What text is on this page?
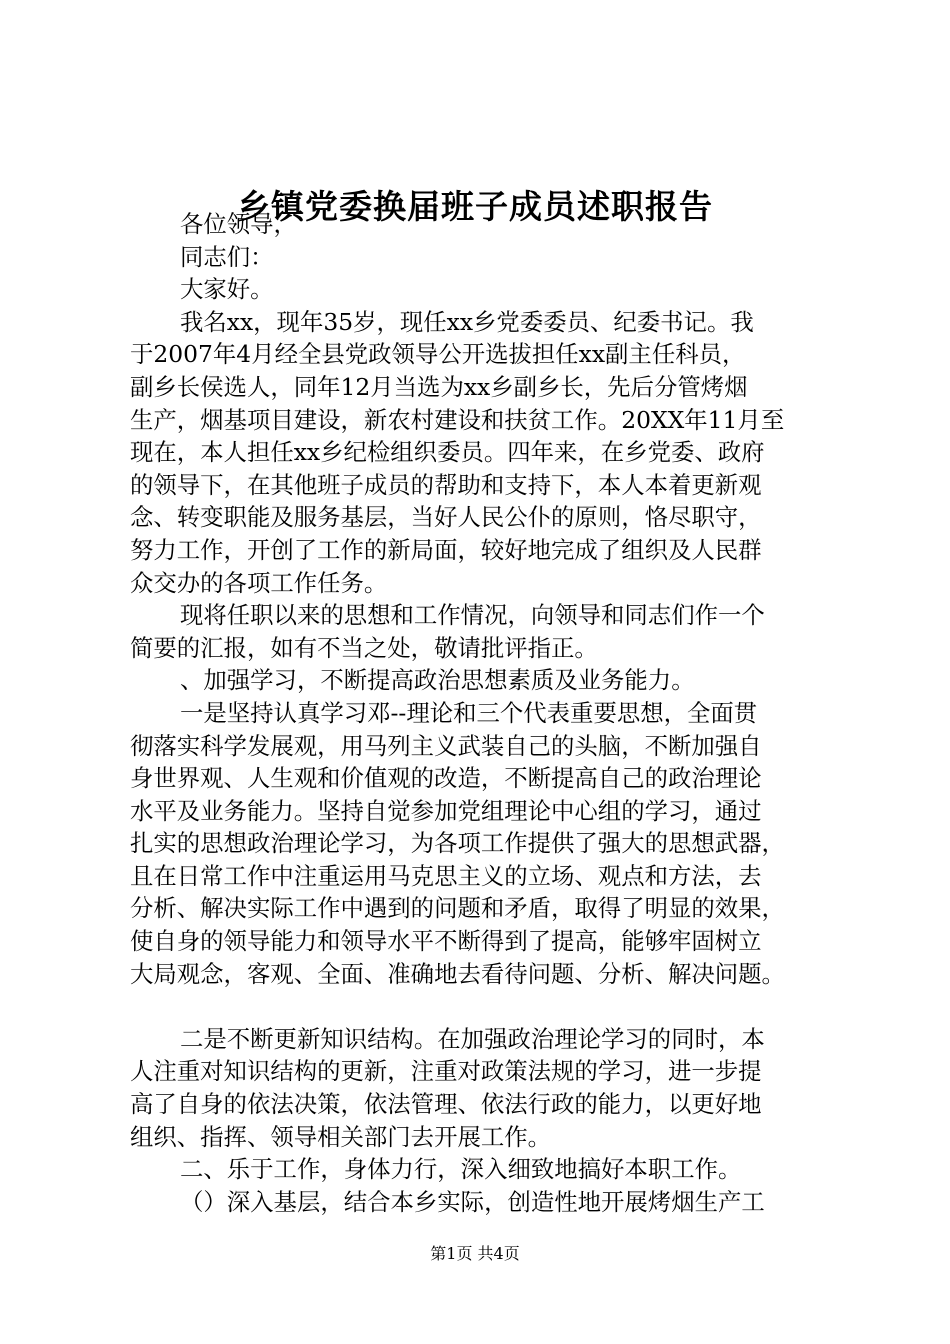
乡镇党委换届班子成员述职报告
各位领导，
同志们：
大家好。
我名xx，现年35岁，现任xx乡党委委员、纪委书记。我
于2007年4月经全县党政领导公开选拔担任xx副主任科员，
副乡长侯选人，同年12月当选为xx乡副乡长，先后分管烤烟
生产，烟基项目建设，新农村建设和扶贫工作。20XX年11月至
现在，本人担任xx乡纪检组织委员。四年来，在乡党委、政府
的领导下，在其他班子成员的帮助和支持下，本人本着更新观
念、转变职能及服务基层，当好人民公仆的原则，恪尽职守，
努力工作，开创了工作的新局面，较好地完成了组织及人民群
众交办的各项工作任务。
现将任职以来的思想和工作情况，向领导和同志们作一个
简要的汇报，如有不当之处，敬请批评指正。
、加强学习，不断提高政治思想素质及业务能力。
一是坚持认真学习邓--理论和三个代表重要思想，全面贯
彻落实科学发展观，用马列主义武装自己的头脑，不断加强自
身世界观、人生观和价值观的改造，不断提高自己的政治理论
水平及业务能力。坚持自觉参加党组理论中心组的学习，通过
扎实的思想政治理论学习，为各项工作提供了强大的思想武器，
且在日常工作中注重运用马克思主义的立场、观点和方法，去
分析、解决实际工作中遇到的问题和矛盾，取得了明显的效果，
使自身的领导能力和领导水平不断得到了提高，能够牢固树立
大局观念，客观、全面、准确地去看待问题、分析、解决问题。
二是不断更新知识结构。在加强政治理论学习的同时，本
人注重对知识结构的更新，注重对政策法规的学习，进一步提
高了自身的依法决策，依法管理、依法行政的能力，以更好地
组织、指挥、领导相关部门去开展工作。
二、乐于工作，身体力行，深入细致地搞好本职工作。
（）深入基层，结合本乡实际，创造性地开展烤烟生产工
第1页 共4页
